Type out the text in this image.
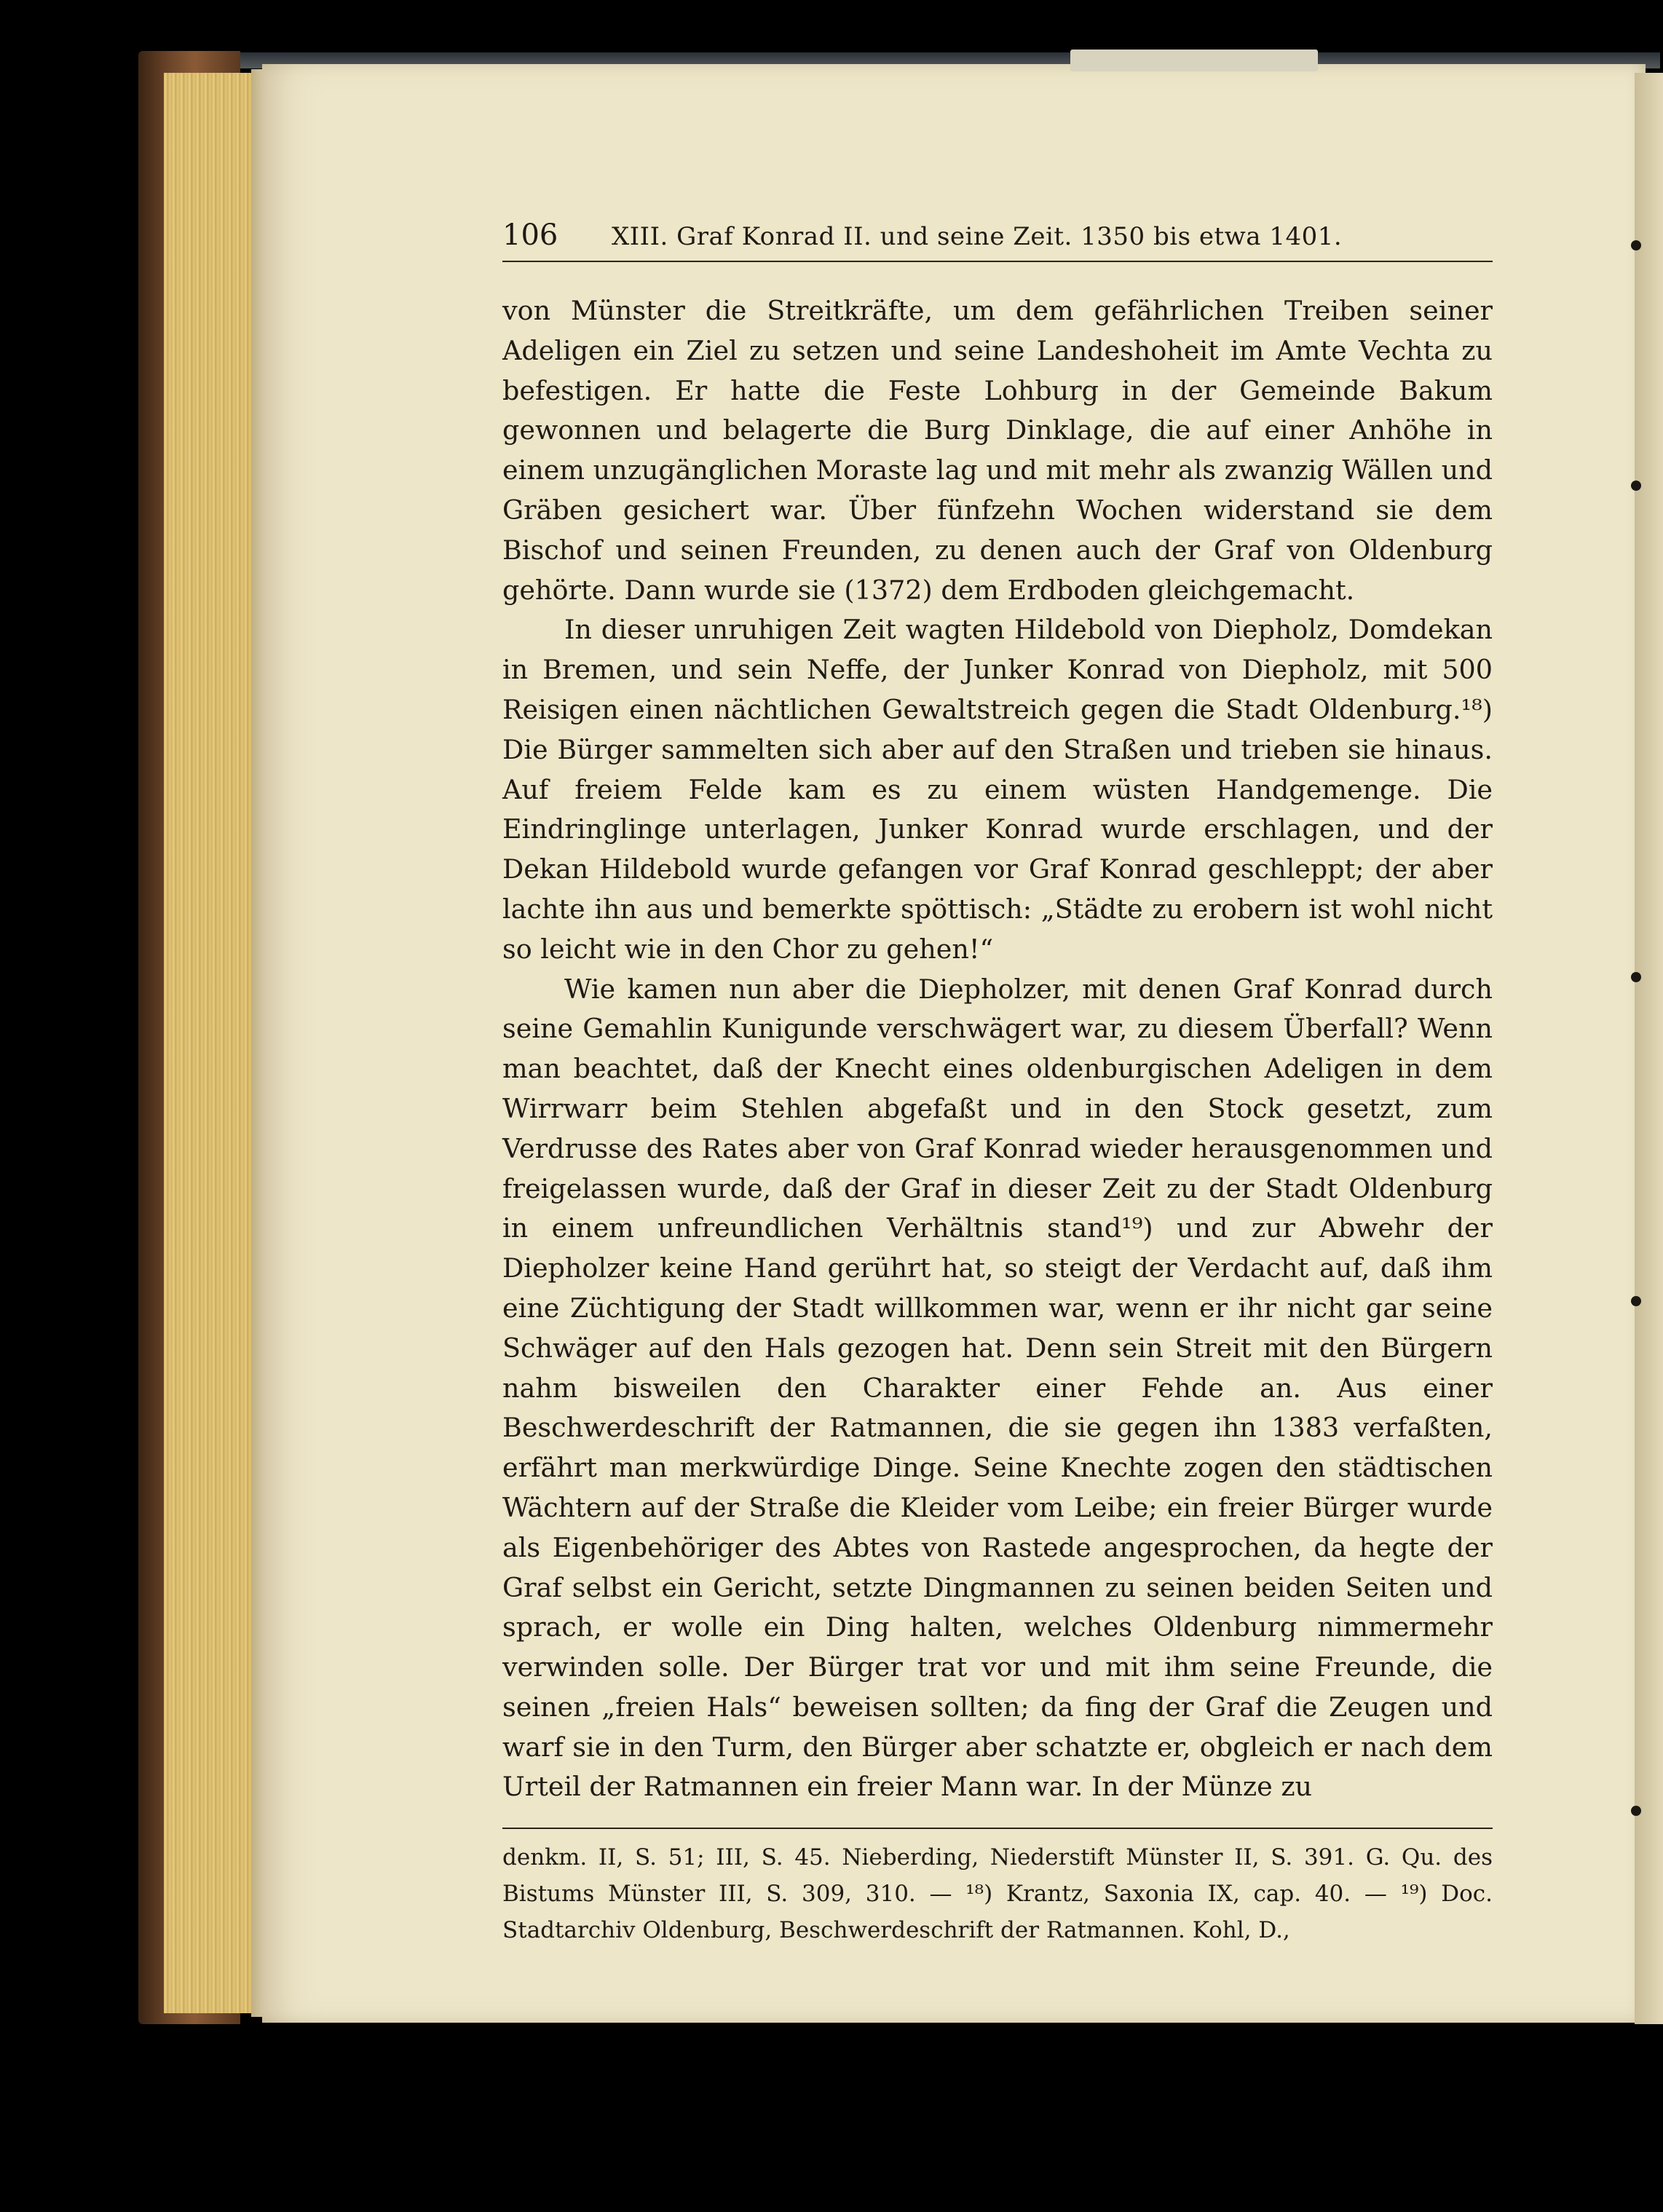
106	XIII. Graf Konrad II. und seine Zeit. 1350 bis etwa 1401.

von Münster die Streitkräfte, um dem gefährlichen Treiben seiner Adeligen ein Ziel zu setzen und seine Landeshoheit im Amte Vechta zu befestigen. Er hatte die Feste Lohburg in der Gemeinde Bakum gewonnen und belagerte die Burg Dinklage, die auf einer Anhöhe in einem unzugänglichen Moraste lag und mit mehr als zwanzig Wällen und Gräben gesichert war. Über fünfzehn Wochen widerstand sie dem Bischof und seinen Freunden, zu denen auch der Graf von Oldenburg gehörte. Dann wurde sie (1372) dem Erdboden gleichgemacht.

In dieser unruhigen Zeit wagten Hildebold von Diepholz, Domdekan in Bremen, und sein Neffe, der Junker Konrad von Diepholz, mit 500 Reisigen einen nächtlichen Gewaltstreich gegen die Stadt Oldenburg.¹⁸) Die Bürger sammelten sich aber auf den Straßen und trieben sie hinaus. Auf freiem Felde kam es zu einem wüsten Handgemenge. Die Eindringlinge unterlagen, Junker Konrad wurde erschlagen, und der Dekan Hildebold wurde gefangen vor Graf Konrad geschleppt; der aber lachte ihn aus und bemerkte spöttisch: „Städte zu erobern ist wohl nicht so leicht wie in den Chor zu gehen!“

Wie kamen nun aber die Diepholzer, mit denen Graf Konrad durch seine Gemahlin Kunigunde verschwägert war, zu diesem Überfall? Wenn man beachtet, daß der Knecht eines oldenburgischen Adeligen in dem Wirrwarr beim Stehlen abgefaßt und in den Stock gesetzt, zum Verdrusse des Rates aber von Graf Konrad wieder herausgenommen und freigelassen wurde, daß der Graf in dieser Zeit zu der Stadt Oldenburg in einem unfreundlichen Verhältnis stand¹⁹) und zur Abwehr der Diepholzer keine Hand gerührt hat, so steigt der Verdacht auf, daß ihm eine Züchtigung der Stadt willkommen war, wenn er ihr nicht gar seine Schwäger auf den Hals gezogen hat. Denn sein Streit mit den Bürgern nahm bisweilen den Charakter einer Fehde an. Aus einer Beschwerdeschrift der Ratmannen, die sie gegen ihn 1383 verfaßten, erfährt man merkwürdige Dinge. Seine Knechte zogen den städtischen Wächtern auf der Straße die Kleider vom Leibe; ein freier Bürger wurde als Eigenbehöriger des Abtes von Rastede angesprochen, da hegte der Graf selbst ein Gericht, setzte Dingmannen zu seinen beiden Seiten und sprach, er wolle ein Ding halten, welches Oldenburg nimmermehr verwinden solle. Der Bürger trat vor und mit ihm seine Freunde, die seinen „freien Hals“ beweisen sollten; da fing der Graf die Zeugen und warf sie in den Turm, den Bürger aber schatzte er, obgleich er nach dem Urteil der Ratmannen ein freier Mann war. In der Münze zu

denkm. II, S. 51; III, S. 45. Nieberding, Niederstift Münster II, S. 391. G. Qu. des Bistums Münster III, S. 309, 310. — ¹⁸) Krantz, Saxonia IX, cap. 40. — ¹⁹) Doc. Stadtarchiv Oldenburg, Beschwerdeschrift der Ratmannen. Kohl, D.,
